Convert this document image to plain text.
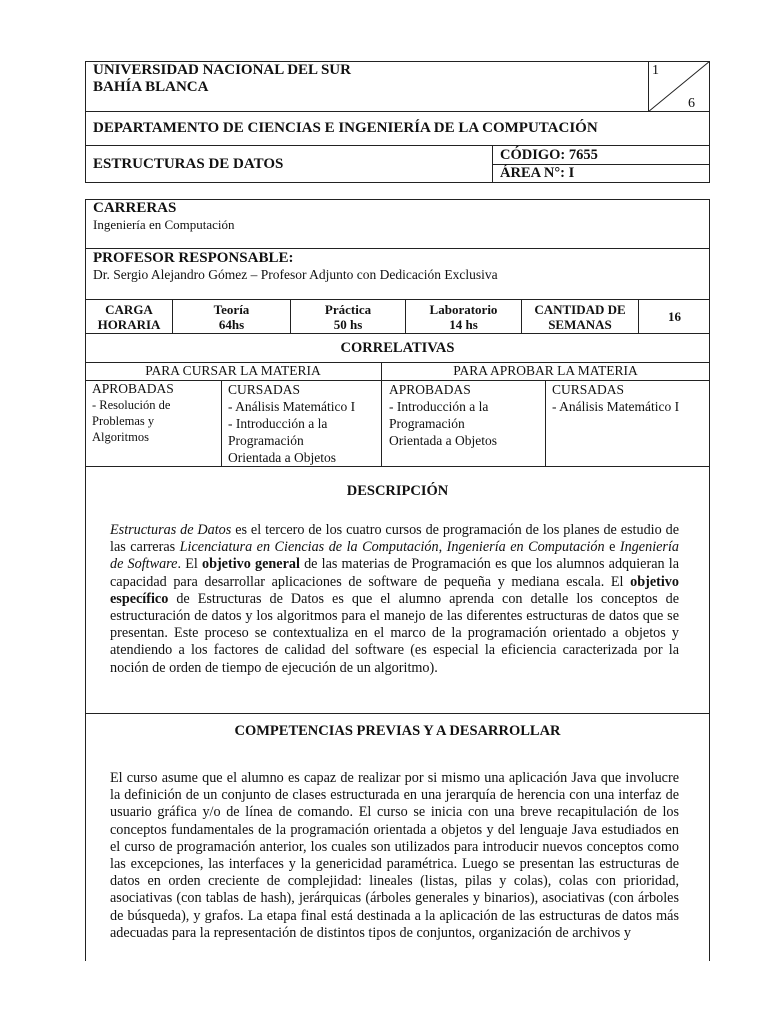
UNIVERSIDAD NACIONAL DEL SUR
BAHÍA BLANCA
1
6
DEPARTAMENTO DE CIENCIAS E INGENIERÍA DE LA COMPUTACIÓN
ESTRUCTURAS DE DATOS
CÓDIGO: 7655
ÁREA N°: I
CARRERAS
Ingeniería en Computación
PROFESOR RESPONSABLE:
Dr. Sergio Alejandro Gómez – Profesor Adjunto con Dedicación Exclusiva
CARGA
HORARIA
Teoría
64hs
Práctica
50 hs
Laboratorio
14 hs
CANTIDAD DE
SEMANAS
16
CORRELATIVAS
PARA CURSAR LA MATERIA	PARA APROBAR LA MATERIA
APROBADAS
- Resolución de
Problemas y
Algoritmos
CURSADAS
- Análisis Matemático I
- Introducción a la
Programación
Orientada a Objetos
APROBADAS
- Introducción a la
Programación
Orientada a Objetos
CURSADAS
- Análisis Matemático I
DESCRIPCIÓN
Estructuras de Datos es el tercero de los cuatro cursos de programación de los planes de estudio de las carreras Licenciatura en Ciencias de la Computación, Ingeniería en Computación e Ingeniería de Software. El objetivo general de las materias de Programación es que los alumnos adquieran la capacidad para desarrollar aplicaciones de software de pequeña y mediana escala. El objetivo específico de Estructuras de Datos es que el alumno aprenda con detalle los conceptos de estructuración de datos y los algoritmos para el manejo de las diferentes estructuras de datos que se presentan. Este proceso se contextualiza en el marco de la programación orientado a objetos y atendiendo a los factores de calidad del software (es especial la eficiencia caracterizada por la noción de orden de tiempo de ejecución de un algoritmo).
COMPETENCIAS PREVIAS Y A DESARROLLAR
El curso asume que el alumno es capaz de realizar por si mismo una aplicación Java que involucre la definición de un conjunto de clases estructurada en una jerarquía de herencia con una interfaz de usuario gráfica y/o de línea de comando. El curso se inicia con una breve recapitulación de los conceptos fundamentales de la programación orientada a objetos y del lenguaje Java estudiados en el curso de programación anterior, los cuales son utilizados para introducir nuevos conceptos como las excepciones, las interfaces y la genericidad paramétrica. Luego se presentan las estructuras de datos en orden creciente de complejidad: lineales (listas, pilas y colas), colas con prioridad, asociativas (con tablas de hash), jerárquicas (árboles generales y binarios), asociativas (con árboles de búsqueda), y grafos. La etapa final está destinada a la aplicación de las estructuras de datos más adecuadas para la representación de distintos tipos de conjuntos, organización de archivos y
